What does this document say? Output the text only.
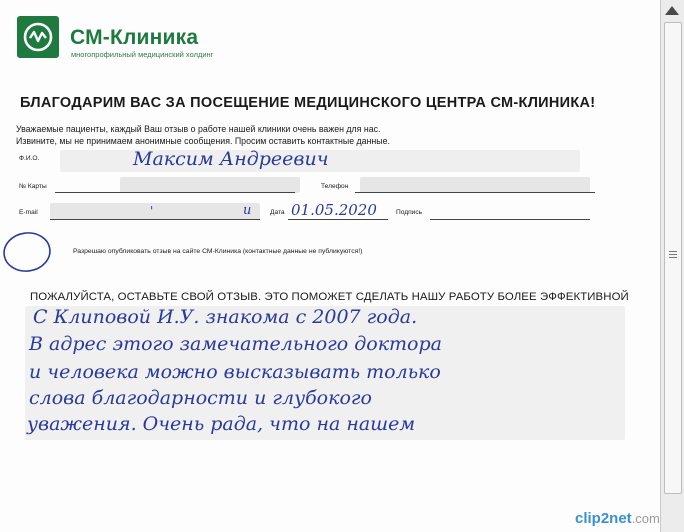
СМ-Клиника
многопрофильный медицинский холдинг
БЛАГОДАРИМ ВАС ЗА ПОСЕЩЕНИЕ МЕДИЦИНСКОГО ЦЕНТРА СМ-КЛИНИКА!
Уважаемые пациенты, каждый Ваш отзыв о работе нашей клиники очень важен для нас.
Извините, мы не принимаем анонимные сообщения. Просим оставить контактные данные.
Ф.И.О.	Максим Андреевич
№ Карты	Телефон
E-mail	'	и	Дата 01.05.2020	Подпись
Разрешаю опубликовать отзыв на сайте СМ-Клиника (контактные данные не публикуются!)
ПОЖАЛУЙСТА, ОСТАВЬТЕ СВОЙ ОТЗЫВ. ЭТО ПОМОЖЕТ СДЕЛАТЬ НАШУ РАБОТУ БОЛЕЕ ЭФФЕКТИВНОЙ
С Клиповой И.У. знакома с 2007 года.
В адрес этого замечательного доктора
и человека можно высказывать только
слова благодарности и глубокого
уважения. Очень рада, что на нашем
clip2net.com
